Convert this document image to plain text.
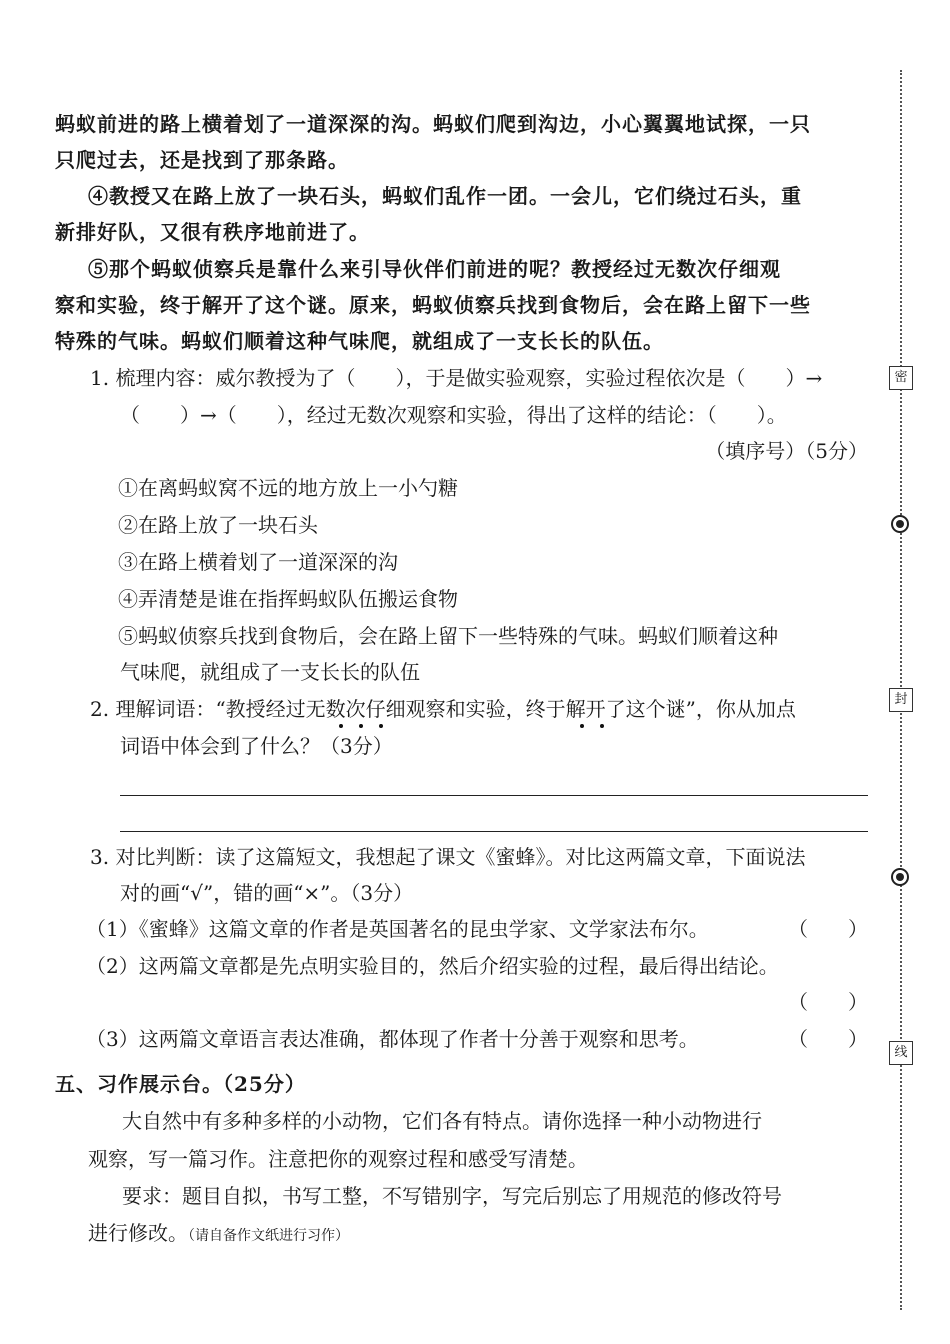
蚂蚁前进的路上横着划了一道深深的沟。蚂蚁们爬到沟边，小心翼翼地试探，一只
只爬过去，还是找到了那条路。
④教授又在路上放了一块石头，蚂蚁们乱作一团。一会儿，它们绕过石头，重
新排好队，又很有秩序地前进了。
⑤那个蚂蚁侦察兵是靠什么来引导伙伴们前进的呢？教授经过无数次仔细观
察和实验，终于解开了这个谜。原来，蚂蚁侦察兵找到食物后，会在路上留下一些
特殊的气味。蚂蚁们顺着这种气味爬，就组成了一支长长的队伍。
1. 梳理内容：威尔教授为了（　　），于是做实验观察，实验过程依次是（　　）→
（　　）→（　　），经过无数次观察和实验，得出了这样的结论：（　　）。
（填序号）（5分）
①在离蚂蚁窝不远的地方放上一小勺糖
②在路上放了一块石头
③在路上横着划了一道深深的沟
④弄清楚是谁在指挥蚂蚁队伍搬运食物
⑤蚂蚁侦察兵找到食物后，会在路上留下一些特殊的气味。蚂蚁们顺着这种
气味爬，就组成了一支长长的队伍
2. 理解词语：“教授经过无数次仔细观察和实验，终于解开了这个谜”，你从加点
词语中体会到了什么？（3分）
3. 对比判断：读了这篇短文，我想起了课文《蜜蜂》。对比这两篇文章，下面说法
对的画“√”，错的画“×”。（3分）
（1）《蜜蜂》这篇文章的作者是英国著名的昆虫学家、文学家法布尔。	（　　）
（2）这两篇文章都是先点明实验目的，然后介绍实验的过程，最后得出结论。
（　　）
（3）这两篇文章语言表达准确，都体现了作者十分善于观察和思考。	（　　）
五、习作展示台。（25分）
大自然中有多种多样的小动物，它们各有特点。请你选择一种小动物进行
观察，写一篇习作。注意把你的观察过程和感受写清楚。
要求：题目自拟，书写工整，不写错别字，写完后别忘了用规范的修改符号
进行修改。（请自备作文纸进行习作）
密
封
线
